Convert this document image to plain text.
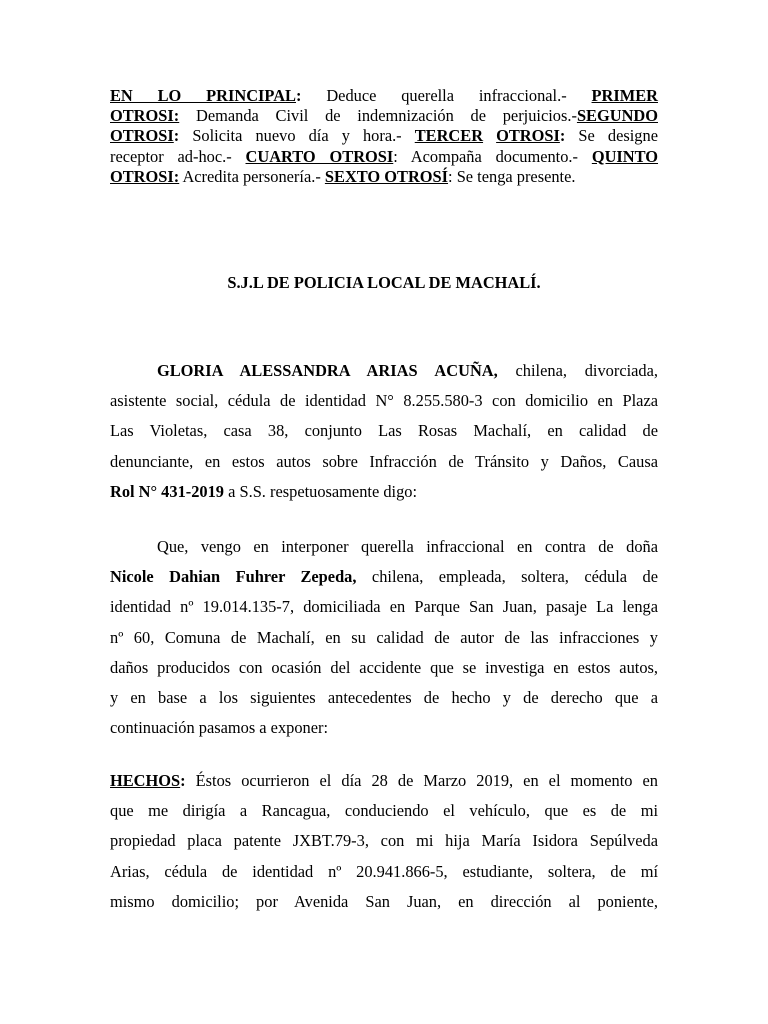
EN LO PRINCIPAL: Deduce querella infraccional.- PRIMER
OTROSI: Demanda Civil de indemnización de perjuicios.-SEGUNDO
OTROSI: Solicita nuevo día y hora.- TERCER OTROSI: Se designe
receptor ad-hoc.- CUARTO OTROSI: Acompaña documento.- QUINTO
OTROSI: Acredita personería.- SEXTO OTROSÍ: Se tenga presente.
S.J.L DE POLICIA LOCAL DE MACHALÍ.
GLORIA ALESSANDRA ARIAS ACUÑA, chilena, divorciada,
asistente social, cédula de identidad N° 8.255.580-3 con domicilio en Plaza
Las Violetas, casa 38, conjunto Las Rosas Machalí, en calidad de
denunciante, en estos autos sobre Infracción de Tránsito y Daños, Causa
Rol N° 431-2019 a S.S. respetuosamente digo:
Que, vengo en interponer querella infraccional en contra de doña
Nicole Dahian Fuhrer Zepeda, chilena, empleada, soltera, cédula de
identidad nº 19.014.135-7, domiciliada en Parque San Juan, pasaje La lenga
nº 60, Comuna de Machalí, en su calidad de autor de las infracciones y
daños producidos con ocasión del accidente que se investiga en estos autos,
y en base a los siguientes antecedentes de hecho y de derecho que a
continuación pasamos a exponer:
HECHOS: Éstos ocurrieron el día 28 de Marzo 2019, en el momento en
que me dirigía a Rancagua, conduciendo el vehículo, que es de mi
propiedad placa patente JXBT.79-3, con mi hija María Isidora Sepúlveda
Arias, cédula de identidad nº 20.941.866-5, estudiante, soltera, de mí
mismo domicilio; por Avenida San Juan, en dirección al poniente,
